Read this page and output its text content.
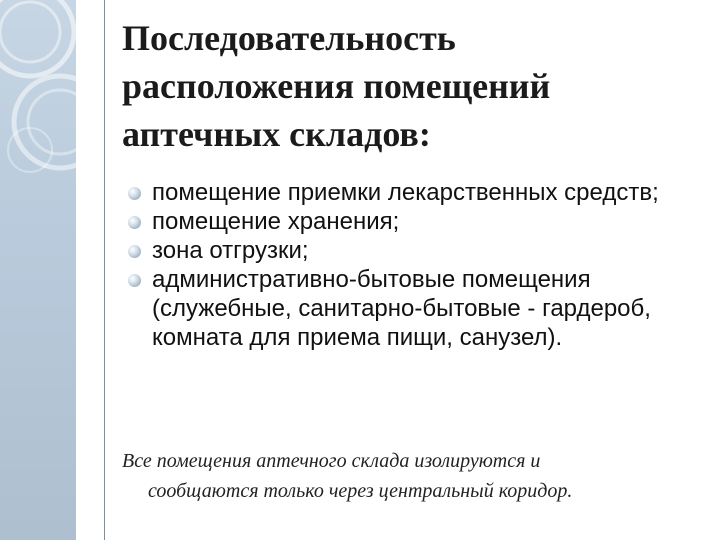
Последовательность
расположения помещений
аптечных складов:
помещение приемки лекарственных средств;
помещение хранения;
зона отгрузки;
административно-бытовые помещения (служебные, санитарно-бытовые - гардероб, комната для приема пищи, санузел).
Все помещения аптечного склада изолируются и
сообщаются только через центральный коридор.
